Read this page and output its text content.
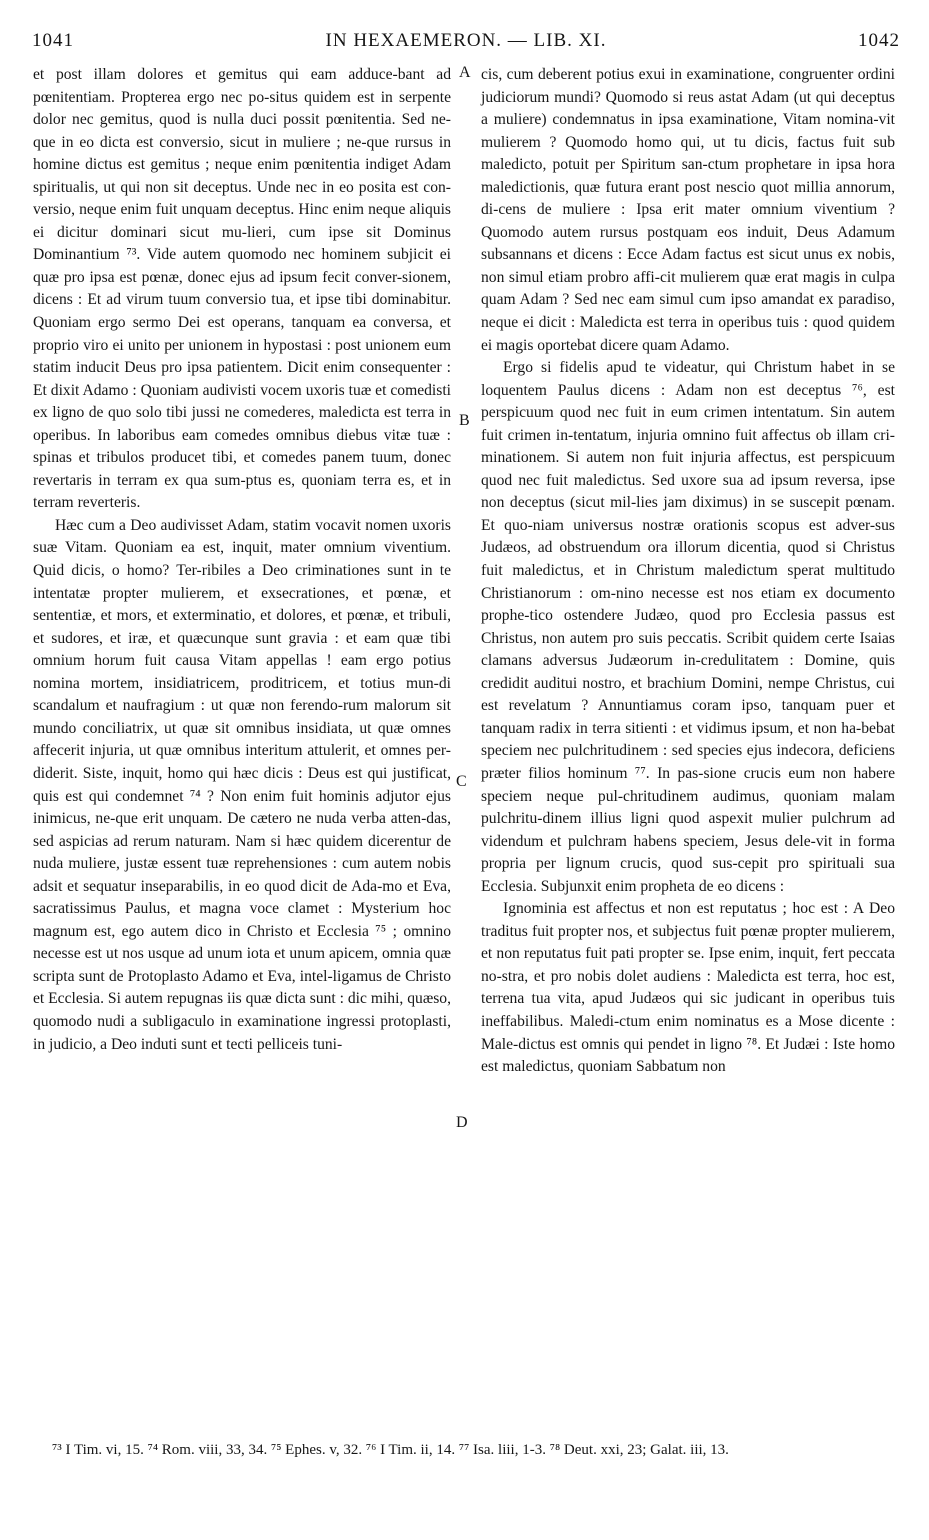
1041	IN HEXAEMERON. — LIB. XI.	1042
A
B
C
D

et post illam dolores et gemitus qui eam adduce-bant ad pœnitentiam. Propterea ergo nec po-situs quidem est in serpente dolor nec gemitus, quod is nulla duci possit pœnitentia. Sed ne-que in eo dicta est conversio, sicut in muliere ; ne-que rursus in homine dictus est gemitus ; neque enim pœnitentia indiget Adam spiritualis, ut qui non sit deceptus. Unde nec in eo posita est con-versio, neque enim fuit unquam deceptus. Hinc enim neque aliquis ei dicitur dominari sicut mu-lieri, cum ipse sit Dominus Dominantium ⁷³. Vide autem quomodo nec hominem subjicit ei quæ pro ipsa est pœnæ, donec ejus ad ipsum fecit conver-sionem, dicens : Et ad virum tuum conversio tua, et ipse tibi dominabitur. Quoniam ergo sermo Dei est operans, tanquam ea conversa, et proprio viro ei unito per unionem in hypostasi : post unionem eum statim inducit Deus pro ipsa patientem. Dicit enim consequenter : Et dixit Adamo : Quoniam audivisti vocem uxoris tuæ et comedisti ex ligno de quo solo tibi jussi ne comederes, maledicta est terra in operibus. In laboribus eam comedes omnibus diebus vitæ tuæ : spinas et tribulos producet tibi, et comedes panem tuum, donec revertaris in terram ex qua sum-ptus es, quoniam terra es, et in terram reverteris.

Hæc cum a Deo audivisset Adam, statim vocavit nomen uxoris suæ Vitam. Quoniam ea est, inquit, mater omnium viventium. Quid dicis, o homo? Ter-ribiles a Deo criminationes sunt in te intentatæ propter mulierem, et exsecrationes, et pœnæ, et sententiæ, et mors, et exterminatio, et dolores, et pœnæ, et tribuli, et sudores, et iræ, et quæcunque sunt gravia : et eam quæ tibi omnium horum fuit causa Vitam appellas ! eam ergo potius nomina mortem, insidiatricem, proditricem, et totius mun-di scandalum et naufragium : ut quæ non ferendo-rum malorum sit mundo conciliatrix, ut quæ sit omnibus insidiata, ut quæ omnes affecerit injuria, ut quæ omnibus interitum attulerit, et omnes per-diderit. Siste, inquit, homo qui hæc dicis : Deus est qui justificat, quis est qui condemnet ⁷⁴ ? Non enim fuit hominis adjutor ejus inimicus, ne-que erit unquam. De cætero ne nuda verba atten-das, sed aspicias ad rerum naturam. Nam si hæc quidem dicerentur de nuda muliere, justæ essent tuæ reprehensiones : cum autem nobis adsit et sequatur inseparabilis, in eo quod dicit de Ada-mo et Eva, sacratissimus Paulus, et magna voce clamet : Mysterium hoc magnum est, ego autem dico in Christo et Ecclesia ⁷⁵ ; omnino necesse est ut nos usque ad unum iota et unum apicem, omnia quæ scripta sunt de Protoplasto Adamo et Eva, intel-ligamus de Christo et Ecclesia. Si autem repugnas iis quæ dicta sunt : dic mihi, quæso, quomodo nudi a subligaculo in examinatione ingressi protoplasti, in judicio, a Deo induti sunt et tecti pelliceis tuni-

cis, cum deberent potius exui in examinatione, congruenter ordini judiciorum mundi? Quomodo si reus astat Adam (ut qui deceptus a muliere) condemnatus in ipsa examinatione, Vitam nomina-vit mulierem ? Quomodo homo qui, ut tu dicis, factus fuit sub maledicto, potuit per Spiritum san-ctum prophetare in ipsa hora maledictionis, quæ futura erant post nescio quot millia annorum, di-cens de muliere : Ipsa erit mater omnium viventium ? Quomodo autem rursus postquam eos induit, Deus Adamum subsannans et dicens : Ecce Adam factus est sicut unus ex nobis, non simul etiam probro affi-cit mulierem quæ erat magis in culpa quam Adam ? Sed nec eam simul cum ipso amandat ex paradiso, neque ei dicit : Maledicta est terra in operibus tuis : quod quidem ei magis oportebat dicere quam Adamo.

Ergo si fidelis apud te videatur, qui Christum habet in se loquentem Paulus dicens : Adam non est deceptus ⁷⁶, est perspicuum quod nec fuit in eum crimen intentatum. Sin autem fuit crimen in-tentatum, injuria omnino fuit affectus ob illam cri-minationem. Si autem non fuit injuria affectus, est perspicuum quod nec fuit maledictus. Sed uxore sua ad ipsum reversa, ipse non deceptus (sicut mil-lies jam diximus) in se suscepit pœnam. Et quo-niam universus nostræ orationis scopus est adver-sus Judæos, ad obstruendum ora illorum dicentia, quod si Christus fuit maledictus, et in Christum maledictum sperat multitudo Christianorum : om-nino necesse est nos etiam ex documento prophe-tico ostendere Judæo, quod pro Ecclesia passus est Christus, non autem pro suis peccatis. Scribit quidem certe Isaias clamans adversus Judæorum in-credulitatem : Domine, quis credidit auditui nostro, et brachium Domini, nempe Christus, cui est revelatum ? Annuntiamus coram ipso, tanquam puer et tanquam radix in terra sitienti : et vidimus ipsum, et non ha-bebat speciem nec pulchritudinem : sed species ejus indecora, deficiens præter filios hominum ⁷⁷. In pas-sione crucis eum non habere speciem neque pul-chritudinem audimus, quoniam malam pulchritu-dinem illius ligni quod aspexit mulier pulchrum ad videndum et pulchram habens speciem, Jesus dele-vit in forma propria per lignum crucis, quod sus-cepit pro spirituali sua Ecclesia. Subjunxit enim propheta de eo dicens :

Ignominia est affectus et non est reputatus ; hoc est : A Deo traditus fuit propter nos, et subjectus fuit pœnæ propter mulierem, et non reputatus fuit pati propter se. Ipse enim, inquit, fert peccata no-stra, et pro nobis dolet audiens : Maledicta est terra, hoc est, terrena tua vita, apud Judæos qui sic judicant in operibus tuis ineffabilibus. Maledi-ctum enim nominatus es a Mose dicente : Male-dictus est omnis qui pendet in ligno ⁷⁸. Et Judæi : Iste homo est maledictus, quoniam Sabbatum non

⁷³ I Tim. vi, 15. ⁷⁴ Rom. viii, 33, 34. ⁷⁵ Ephes. v, 32. ⁷⁶ I Tim. ii, 14. ⁷⁷ Isa. liii, 1-3. ⁷⁸ Deut. xxi, 23; Galat. iii, 13.
